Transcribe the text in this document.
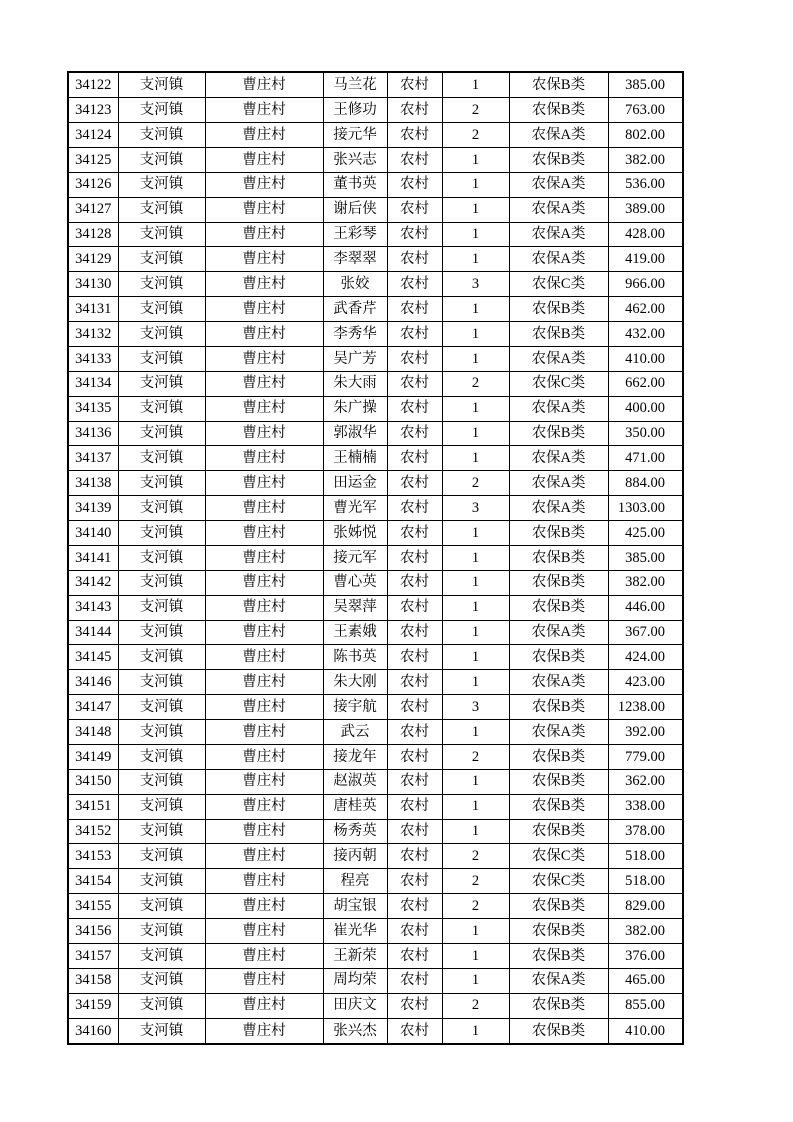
34122	支河镇	曹庄村	马兰花	农村	1	农保B类	385.00
34123	支河镇	曹庄村	王修功	农村	2	农保B类	763.00
34124	支河镇	曹庄村	接元华	农村	2	农保A类	802.00
34125	支河镇	曹庄村	张兴志	农村	1	农保B类	382.00
34126	支河镇	曹庄村	董书英	农村	1	农保A类	536.00
34127	支河镇	曹庄村	谢后侠	农村	1	农保A类	389.00
34128	支河镇	曹庄村	王彩琴	农村	1	农保A类	428.00
34129	支河镇	曹庄村	李翠翠	农村	1	农保A类	419.00
34130	支河镇	曹庄村	张姣	农村	3	农保C类	966.00
34131	支河镇	曹庄村	武香芹	农村	1	农保B类	462.00
34132	支河镇	曹庄村	李秀华	农村	1	农保B类	432.00
34133	支河镇	曹庄村	吴广芳	农村	1	农保A类	410.00
34134	支河镇	曹庄村	朱大雨	农村	2	农保C类	662.00
34135	支河镇	曹庄村	朱广操	农村	1	农保A类	400.00
34136	支河镇	曹庄村	郭淑华	农村	1	农保B类	350.00
34137	支河镇	曹庄村	王楠楠	农村	1	农保A类	471.00
34138	支河镇	曹庄村	田运金	农村	2	农保A类	884.00
34139	支河镇	曹庄村	曹光军	农村	3	农保A类	1303.00
34140	支河镇	曹庄村	张姊悦	农村	1	农保B类	425.00
34141	支河镇	曹庄村	接元军	农村	1	农保B类	385.00
34142	支河镇	曹庄村	曹心英	农村	1	农保B类	382.00
34143	支河镇	曹庄村	吴翠萍	农村	1	农保B类	446.00
34144	支河镇	曹庄村	王素娥	农村	1	农保A类	367.00
34145	支河镇	曹庄村	陈书英	农村	1	农保B类	424.00
34146	支河镇	曹庄村	朱大刚	农村	1	农保A类	423.00
34147	支河镇	曹庄村	接宇航	农村	3	农保B类	1238.00
34148	支河镇	曹庄村	武云	农村	1	农保A类	392.00
34149	支河镇	曹庄村	接龙年	农村	2	农保B类	779.00
34150	支河镇	曹庄村	赵淑英	农村	1	农保B类	362.00
34151	支河镇	曹庄村	唐桂英	农村	1	农保B类	338.00
34152	支河镇	曹庄村	杨秀英	农村	1	农保B类	378.00
34153	支河镇	曹庄村	接丙朝	农村	2	农保C类	518.00
34154	支河镇	曹庄村	程亮	农村	2	农保C类	518.00
34155	支河镇	曹庄村	胡宝银	农村	2	农保B类	829.00
34156	支河镇	曹庄村	崔光华	农村	1	农保B类	382.00
34157	支河镇	曹庄村	王新荣	农村	1	农保B类	376.00
34158	支河镇	曹庄村	周均荣	农村	1	农保A类	465.00
34159	支河镇	曹庄村	田庆文	农村	2	农保B类	855.00
34160	支河镇	曹庄村	张兴杰	农村	1	农保B类	410.00
